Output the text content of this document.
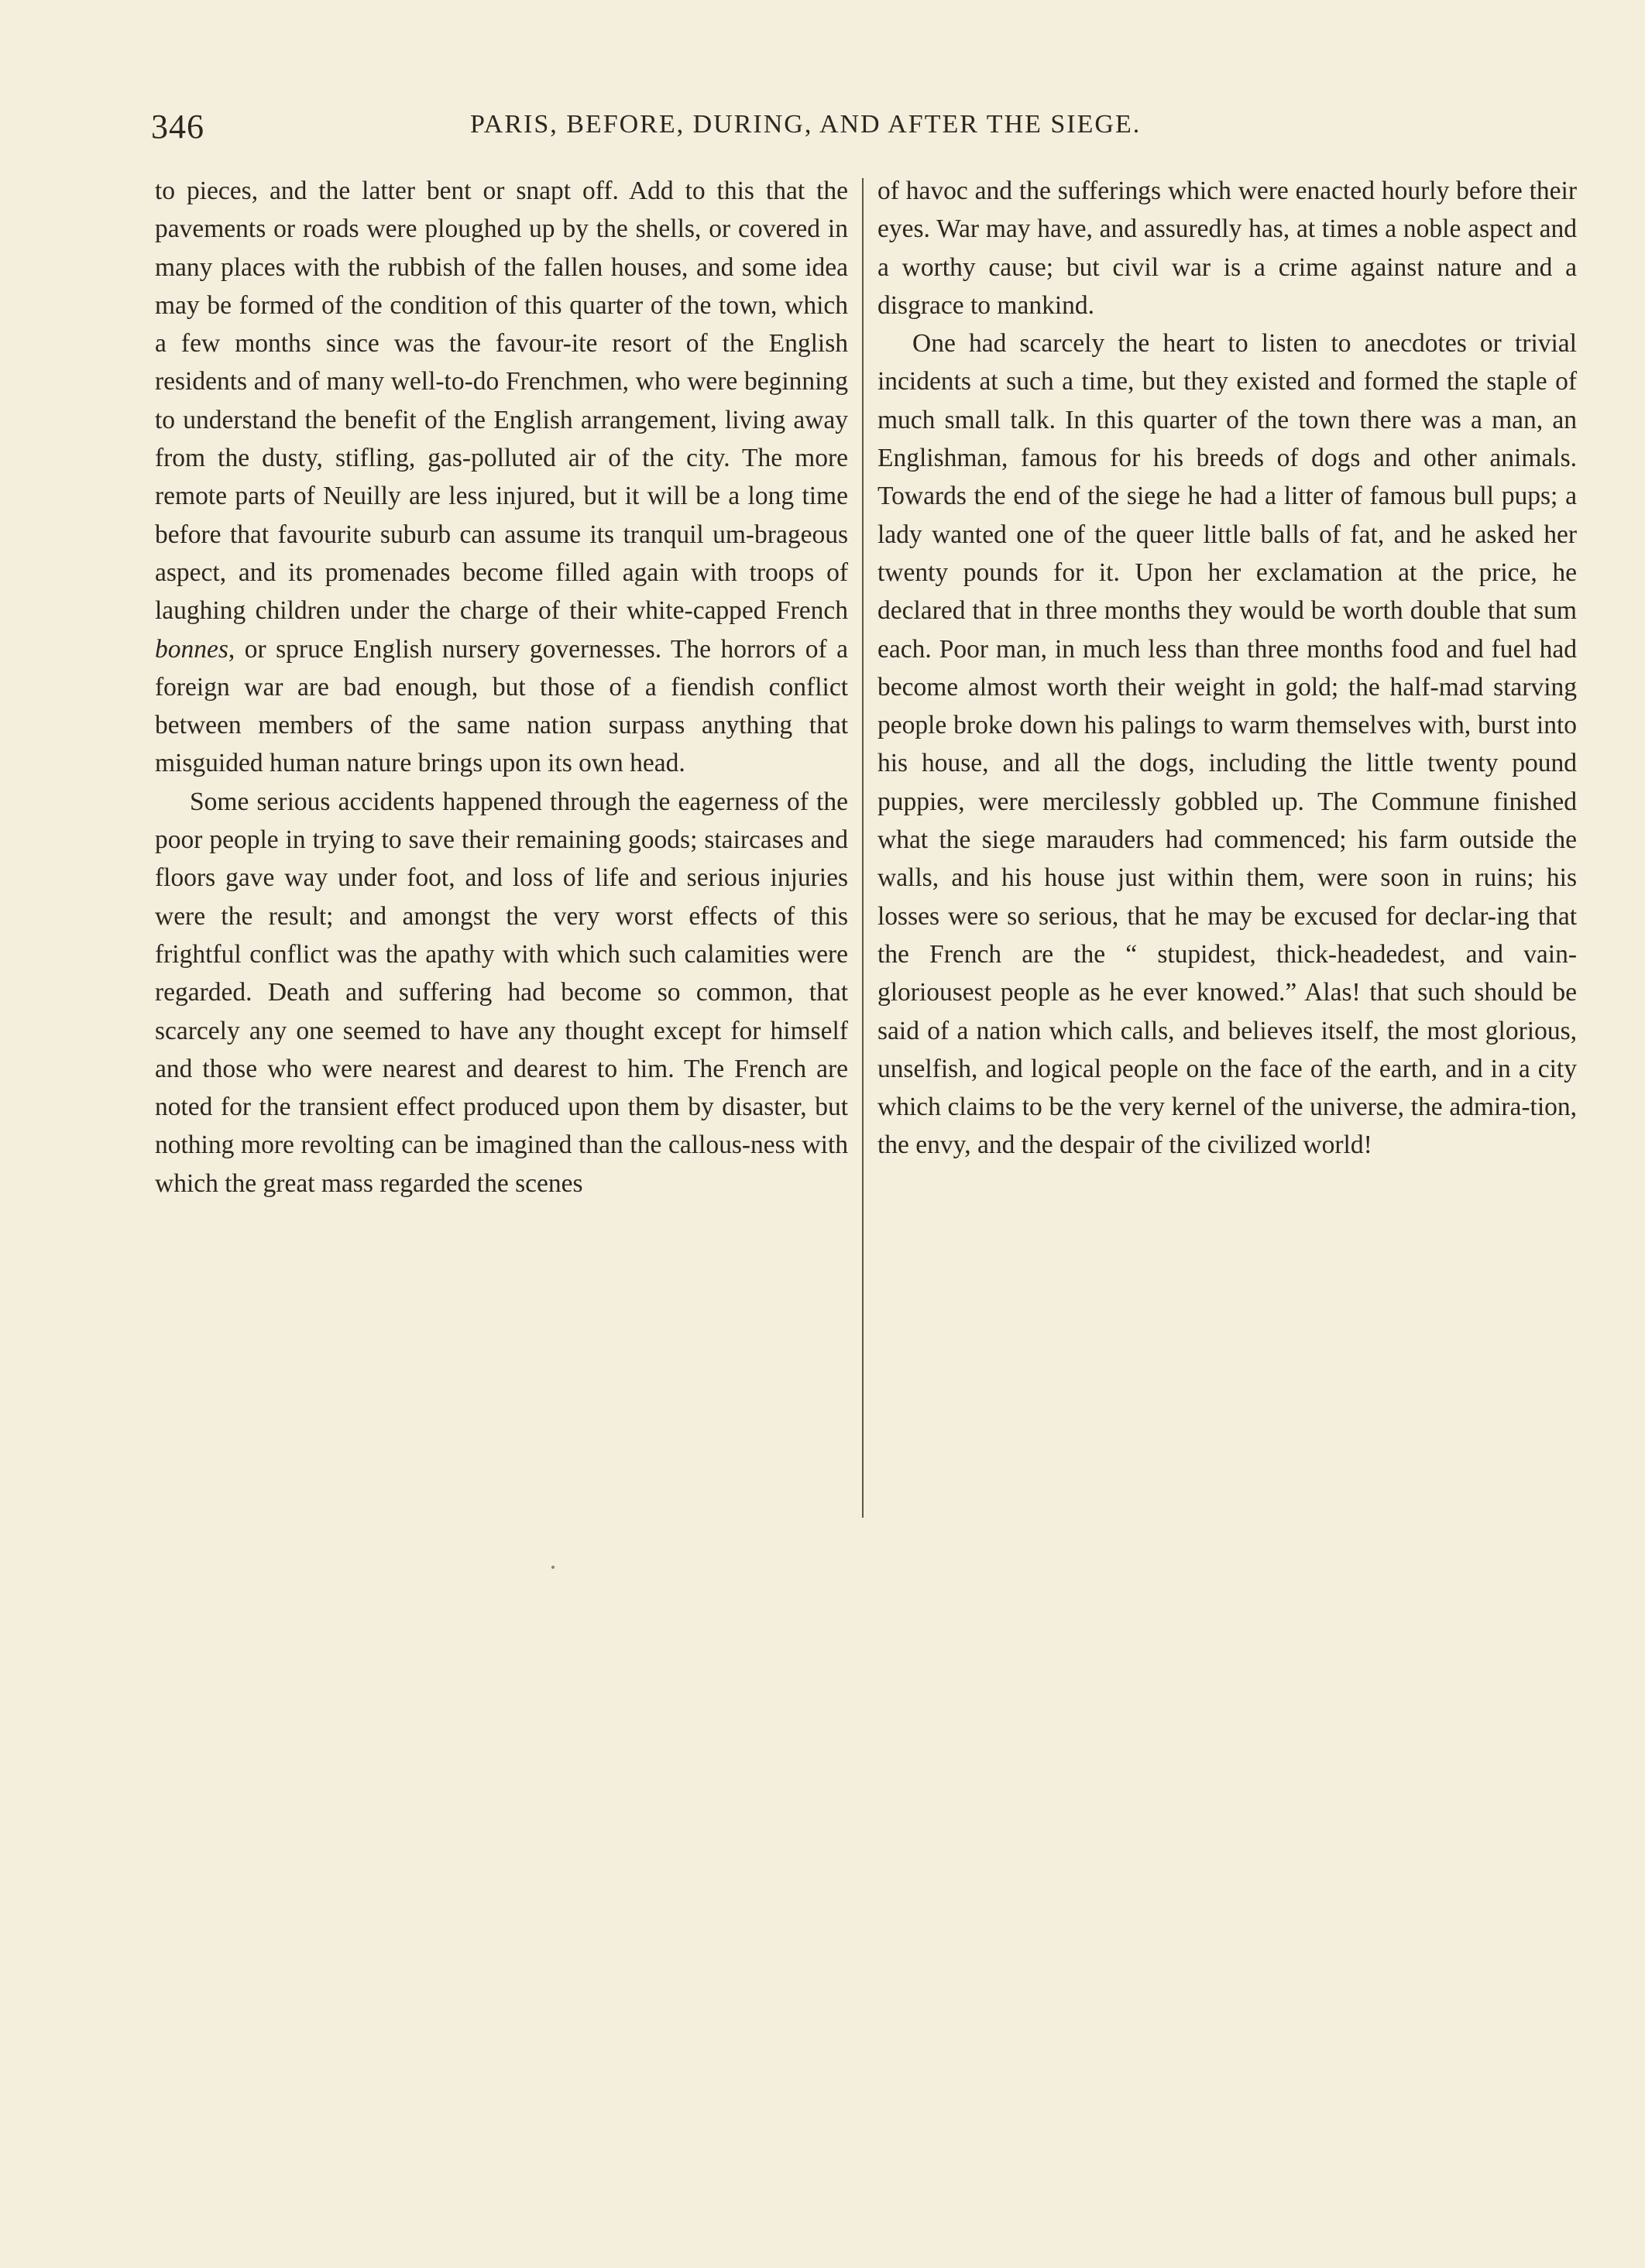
346	PARIS, BEFORE, DURING, AND AFTER THE SIEGE.

to pieces, and the latter bent or snapt off. Add to this that the pavements or roads were ploughed up by the shells, or covered in many places with the rubbish of the fallen houses, and some idea may be formed of the condition of this quarter of the town, which a few months since was the favour-ite resort of the English residents and of many well-to-do Frenchmen, who were beginning to understand the benefit of the English arrangement, living away from the dusty, stifling, gas-polluted air of the city. The more remote parts of Neuilly are less injured, but it will be a long time before that favourite suburb can assume its tranquil um-brageous aspect, and its promenades become filled again with troops of laughing children under the charge of their white-capped French bonnes, or spruce English nursery governesses. The horrors of a foreign war are bad enough, but those of a fiendish conflict between members of the same nation surpass anything that misguided human nature brings upon its own head.

Some serious accidents happened through the eagerness of the poor people in trying to save their remaining goods; staircases and floors gave way under foot, and loss of life and serious injuries were the result; and amongst the very worst effects of this frightful conflict was the apathy with which such calamities were regarded. Death and suffering had become so common, that scarcely any one seemed to have any thought except for himself and those who were nearest and dearest to him. The French are noted for the transient effect produced upon them by disaster, but nothing more revolting can be imagined than the callous-ness with which the great mass regarded the scenes

of havoc and the sufferings which were enacted hourly before their eyes. War may have, and assuredly has, at times a noble aspect and a worthy cause; but civil war is a crime against nature and a disgrace to mankind.

One had scarcely the heart to listen to anecdotes or trivial incidents at such a time, but they existed and formed the staple of much small talk. In this quarter of the town there was a man, an Englishman, famous for his breeds of dogs and other animals. Towards the end of the siege he had a litter of famous bull pups; a lady wanted one of the queer little balls of fat, and he asked her twenty pounds for it. Upon her exclamation at the price, he declared that in three months they would be worth double that sum each. Poor man, in much less than three months food and fuel had become almost worth their weight in gold; the half-mad starving people broke down his palings to warm themselves with, burst into his house, and all the dogs, including the little twenty pound puppies, were mercilessly gobbled up. The Commune finished what the siege marauders had commenced; his farm outside the walls, and his house just within them, were soon in ruins; his losses were so serious, that he may be excused for declar-ing that the French are the “ stupidest, thick-headedest, and vain-gloriousest people as he ever knowed.” Alas! that such should be said of a nation which calls, and believes itself, the most glorious, unselfish, and logical people on the face of the earth, and in a city which claims to be the very kernel of the universe, the admira-tion, the envy, and the despair of the civilized world!
